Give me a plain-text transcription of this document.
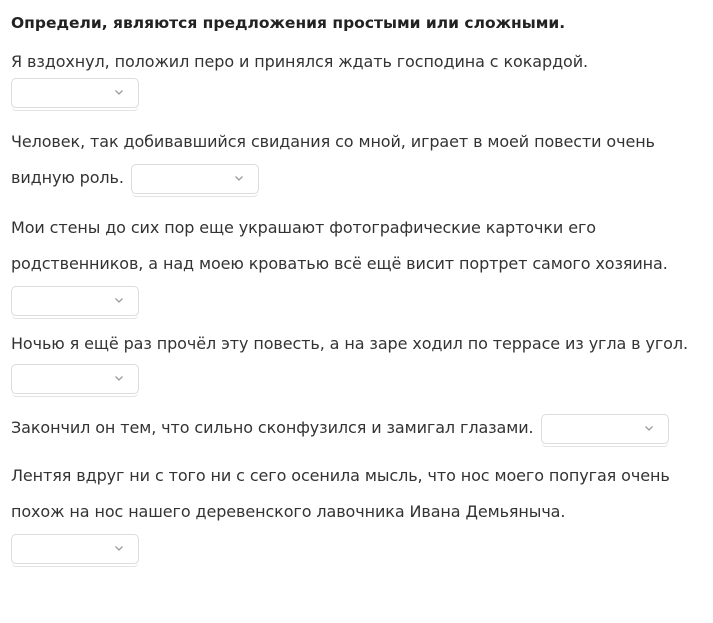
Определи, являются предложения простыми или сложными.
Я вздохнул, положил перо и принялся ждать господина с кокардой.
Человек, так добивавшийся свидания со мной, играет в моей повести очень видную роль.
Мои стены до сих пор еще украшают фотографические карточки его родственников, а над моею кроватью всё ещё висит портрет самого хозяина.
Ночью я ещё раз прочёл эту повесть, а на заре ходил по террасе из угла в угол.
Закончил он тем, что сильно сконфузился и замигал глазами.
Лентяя вдруг ни с того ни с сего осенила мысль, что нос моего попугая очень похож на нос нашего деревенского лавочника Ивана Демьяныча.
